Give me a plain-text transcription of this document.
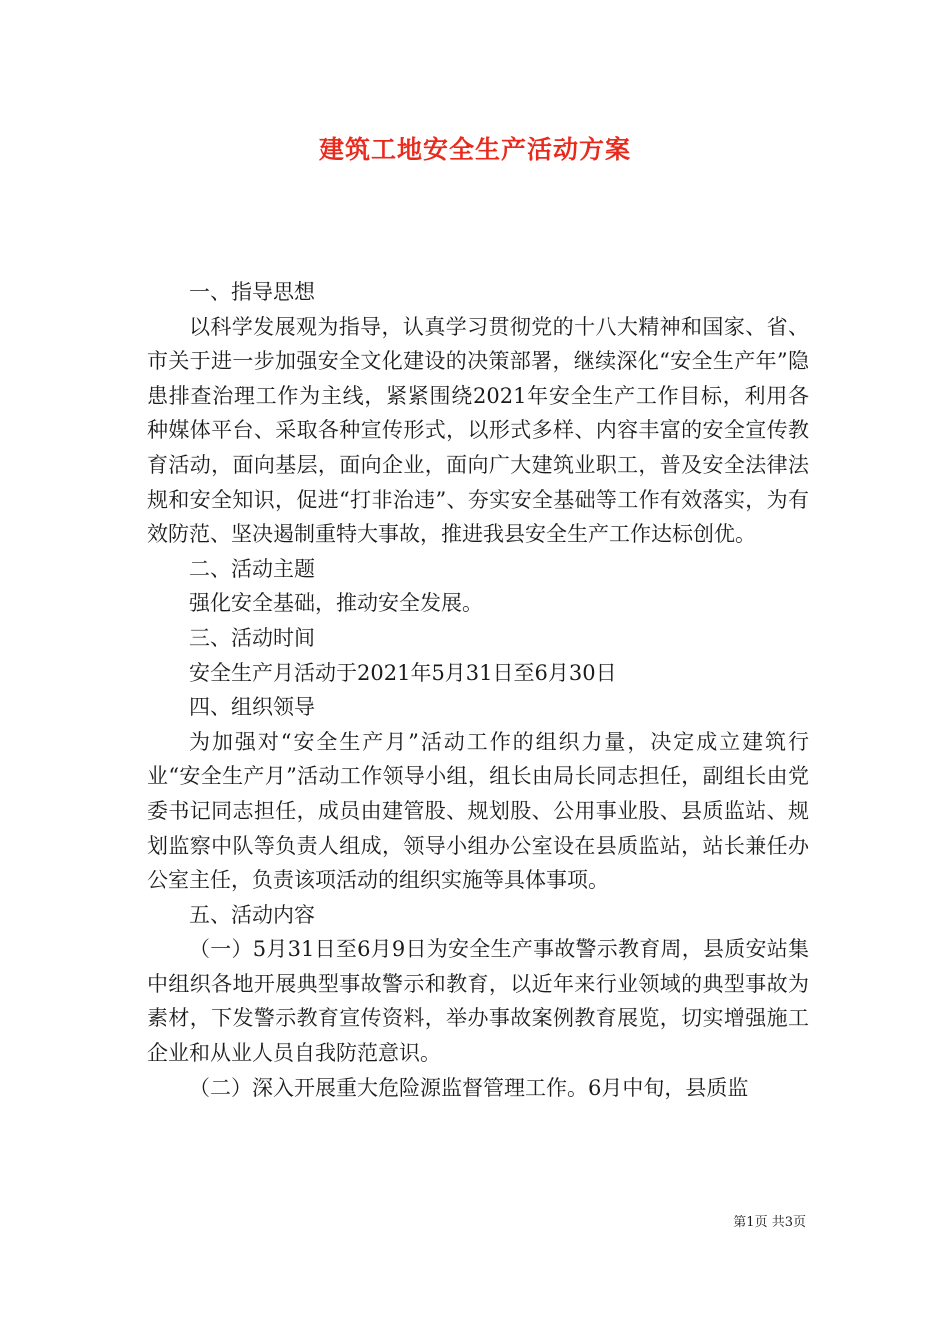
建筑工地安全生产活动方案
一、指导思想
以科学发展观为指导，认真学习贯彻党的十八大精神和国家、省、市关于进一步加强安全文化建设的决策部署，继续深化“安全生产年”隐患排查治理工作为主线，紧紧围绕2021年安全生产工作目标，利用各种媒体平台、采取各种宣传形式，以形式多样、内容丰富的安全宣传教育活动，面向基层，面向企业，面向广大建筑业职工，普及安全法律法规和安全知识，促进“打非治违”、夯实安全基础等工作有效落实，为有效防范、坚决遏制重特大事故，推进我县安全生产工作达标创优。
二、活动主题
强化安全基础，推动安全发展。
三、活动时间
安全生产月活动于2021年5月31日至6月30日
四、组织领导
为加强对“安全生产月”活动工作的组织力量，决定成立建筑行业“安全生产月”活动工作领导小组，组长由局长同志担任，副组长由党委书记同志担任，成员由建管股、规划股、公用事业股、县质监站、规划监察中队等负责人组成，领导小组办公室设在县质监站，站长兼任办公室主任，负责该项活动的组织实施等具体事项。
五、活动内容
（一）5月31日至6月9日为安全生产事故警示教育周，县质安站集中组织各地开展典型事故警示和教育，以近年来行业领域的典型事故为素材，下发警示教育宣传资料，举办事故案例教育展览，切实增强施工企业和从业人员自我防范意识。
（二）深入开展重大危险源监督管理工作。6月中旬，县质监
第1页 共3页
